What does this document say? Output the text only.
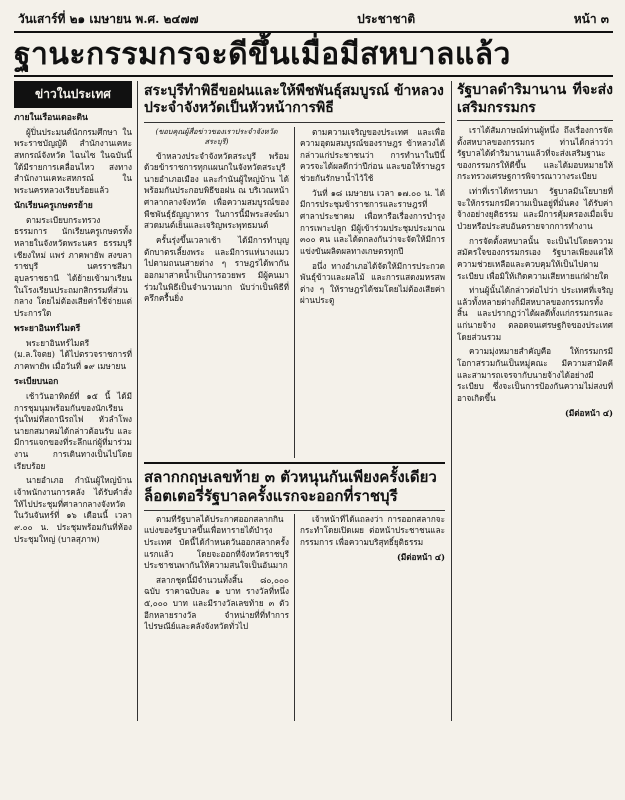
วันเสาร์ที่ ๒๑ เมษายน พ.ศ. ๒๔๗๗	ประชาชาติ	หน้า ๓
ฐานะกรรมกรจะดีขึ้นเมื่อมีสหบาลแล้ว
ข่าวในประเทศ

ภายในเรือนเดอะดิน

ผู้ปิ่นประมนต์นักกรมศึกษา ในพระราชบัญญัติ สำนักงานเคหะสหกรณ์จังหวัด ไฉนไซ ในฉบันนี้ ใด้มีรายการเคลื่อนไหว สงทางสำนักงานเคหะสหกรณ์ ในพระนครหลวงเรียบร้อยแล้ว

นักเรียนครูเกษตรย้าย

ตามระเบียบกระทรวงธรรมการ นักเรียนครูเกษตรทั้งหลายในจังหวัดพระนคร ธรรมบุรี เชียงใหม่ แพร่ ภาคพายัพ สงขลา ราชบุรี นครราชสีมา อุบลราชธานี ได้ย้ายเข้ามาเรียนในโรงเรียนประถมกสิกรรมที่ส่วนกลาง โดยไม่ต้องเสียค่าใช้จ่ายแต่ประการใด

พระยาอินทร์ไมตรี

พระยาอินทร์ไมตรี (ม.ล.ใจตย) ได้ไปตรวจราชการที่ภาคพายัพ เมื่อวันที่ ๑๙ เมษายน

ระเบียบนอก

เช้าวันอาทิตย์ที่ ๑๕ นี้ ได้มีการชุมนุมพร้อมกันของนักเรียนรุ่นใหม่ที่สถานีรถไฟ หัวลำโพง นายกสมาคมได้กล่าวต้อนรับ และมีการแจกของที่ระลึกแก่ผู้ที่มาร่วมงาน การเดินทางเป็นไปโดยเรียบร้อย

นายอำเภอ กำนันผู้ใหญ่บ้าน เจ้าพนักงานการคลัง ได้รับคำสั่งให้ไปประชุมที่ศาลากลางจังหวัด ในวันจันทร์ที่ ๑๖ เดือนนี้ เวลา ๙.๐๐ น. ประชุมพร้อมกันที่ห้องประชุมใหญ่ (บาลสุภาพ)

สระบุรีทำพิธีขอฝนและให้พืชพันธุ์สมบูรณ์ ข้าหลวงประจำจังหวัดเป็นหัวหน้าการพิธี

(ขอบคุณผู้สื่อข่าวของเราประจำจังหวัดสระบุรี)

ข้าหลวงประจำจังหวัดสระบุรี พร้อมด้วยข้าราชการทุกแผนกในจังหวัดสระบุรี นายอำเภอเมือง และกำนันผู้ใหญ่บ้าน ได้พร้อมกันประกอบพิธีขอฝน ณ บริเวณหน้าศาลากลางจังหวัด เพื่อความสมบูรณ์ของพืชพันธุ์ธัญญาหาร ในการนี้มีพระสงฆ์มาสวดมนต์เย็นและเจริญพระพุทธมนต์

ครั้นรุ่งขึ้นเวลาเช้า ได้มีการทำบุญตักบาตรเลี้ยงพระ และมีการแห่นางแมวไปตามถนนสายต่าง ๆ ราษฎรได้พากันออกมาสาดน้ำเป็นการอวยพร มีผู้คนมาร่วมในพิธีเป็นจำนวนมาก นับว่าเป็นพิธีที่ครึกครื้นยิ่ง

ตามความเจริญของประเทศ และเพื่อความอุดมสมบูรณ์ของราษฎร ข้าหลวงได้กล่าวแก่ประชาชนว่า การทำนาในปีนี้ควรจะได้ผลดีกว่าปีก่อน และขอให้ราษฎรช่วยกันรักษาน้ำไว้ใช้

วันที่ ๑๘ เมษายน เวลา ๑๗.๐๐ น. ได้มีการประชุมข้าราชการและราษฎรที่ศาลาประชาคม เพื่อหารือเรื่องการบำรุงการเพาะปลูก มีผู้เข้าร่วมประชุมประมาณ ๓๐๐ คน และได้ตกลงกันว่าจะจัดให้มีการแข่งขันผลิตผลทางเกษตรทุกปี

อนึ่ง ทางอำเภอได้จัดให้มีการประกวดพันธุ์ข้าวและผลไม้ และการแสดงมหรสพต่าง ๆ ให้ราษฎรได้ชมโดยไม่ต้องเสียค่าผ่านประตู

สลากกฤษเลขท้าย ๓ ตัวหนุนกันเพียงครั้งเดียว ล็อตเตอรี่รัฐบาลครั้งแรกจะออกที่ราชบุรี

ตามที่รัฐบาลได้ประกาศออกสลากกินแบ่งของรัฐบาลขึ้นเพื่อหารายได้บำรุงประเทศ บัดนี้ได้กำหนดวันออกสลากครั้งแรกแล้ว โดยจะออกที่จังหวัดราชบุรี ประชาชนพากันให้ความสนใจเป็นอันมาก

สลากชุดนี้มีจำนวนทั้งสิ้น ๘๐,๐๐๐ ฉบับ ราคาฉบับละ ๑ บาท รางวัลที่หนึ่ง ๕,๐๐๐ บาท และมีรางวัลเลขท้าย ๓ ตัวอีกหลายรางวัล จำหน่ายที่ที่ทำการไปรษณีย์และคลังจังหวัดทั่วไป

เจ้าหน้าที่ได้แถลงว่า การออกสลากจะกระทำโดยเปิดเผย ต่อหน้าประชาชนและกรรมการ เพื่อความบริสุทธิ์ยุติธรรม

(มีต่อหน้า ๔)

รัฐบาลดำริมานาน ที่จะส่งเสริมกรรมกร

เราได้สัมภาษณ์ท่านผู้หนึ่ง ถึงเรื่องการจัดตั้งสหบาลของกรรมกร ท่านได้กล่าวว่า รัฐบาลได้ดำริมานานแล้วที่จะส่งเสริมฐานะของกรรมกรให้ดีขึ้น และได้มอบหมายให้กระทรวงเศรษฐการพิจารณาวางระเบียบ

เท่าที่เราได้ทราบมา รัฐบาลมีนโยบายที่จะให้กรรมกรมีความเป็นอยู่ที่มั่นคง ได้รับค่าจ้างอย่างยุติธรรม และมีการคุ้มครองเมื่อเจ็บป่วยหรือประสบอันตรายจากการทำงาน

การจัดตั้งสหบาลนั้น จะเป็นไปโดยความสมัครใจของกรรมกรเอง รัฐบาลเพียงแต่ให้ความช่วยเหลือและควบคุมให้เป็นไปตามระเบียบ เพื่อมิให้เกิดความเสียหายแก่ฝ่ายใด

ท่านผู้นั้นได้กล่าวต่อไปว่า ประเทศที่เจริญแล้วทั้งหลายต่างก็มีสหบาลของกรรมกรทั้งสิ้น และปรากฏว่าได้ผลดีทั้งแก่กรรมกรและแก่นายจ้าง ตลอดจนเศรษฐกิจของประเทศโดยส่วนรวม

ความมุ่งหมายสำคัญคือ ให้กรรมกรมีโอกาสรวมกันเป็นหมู่คณะ มีความสามัคคี และสามารถเจรจากับนายจ้างได้อย่างมีระเบียบ ซึ่งจะเป็นการป้องกันความไม่สงบที่อาจเกิดขึ้น

(มีต่อหน้า ๔)
